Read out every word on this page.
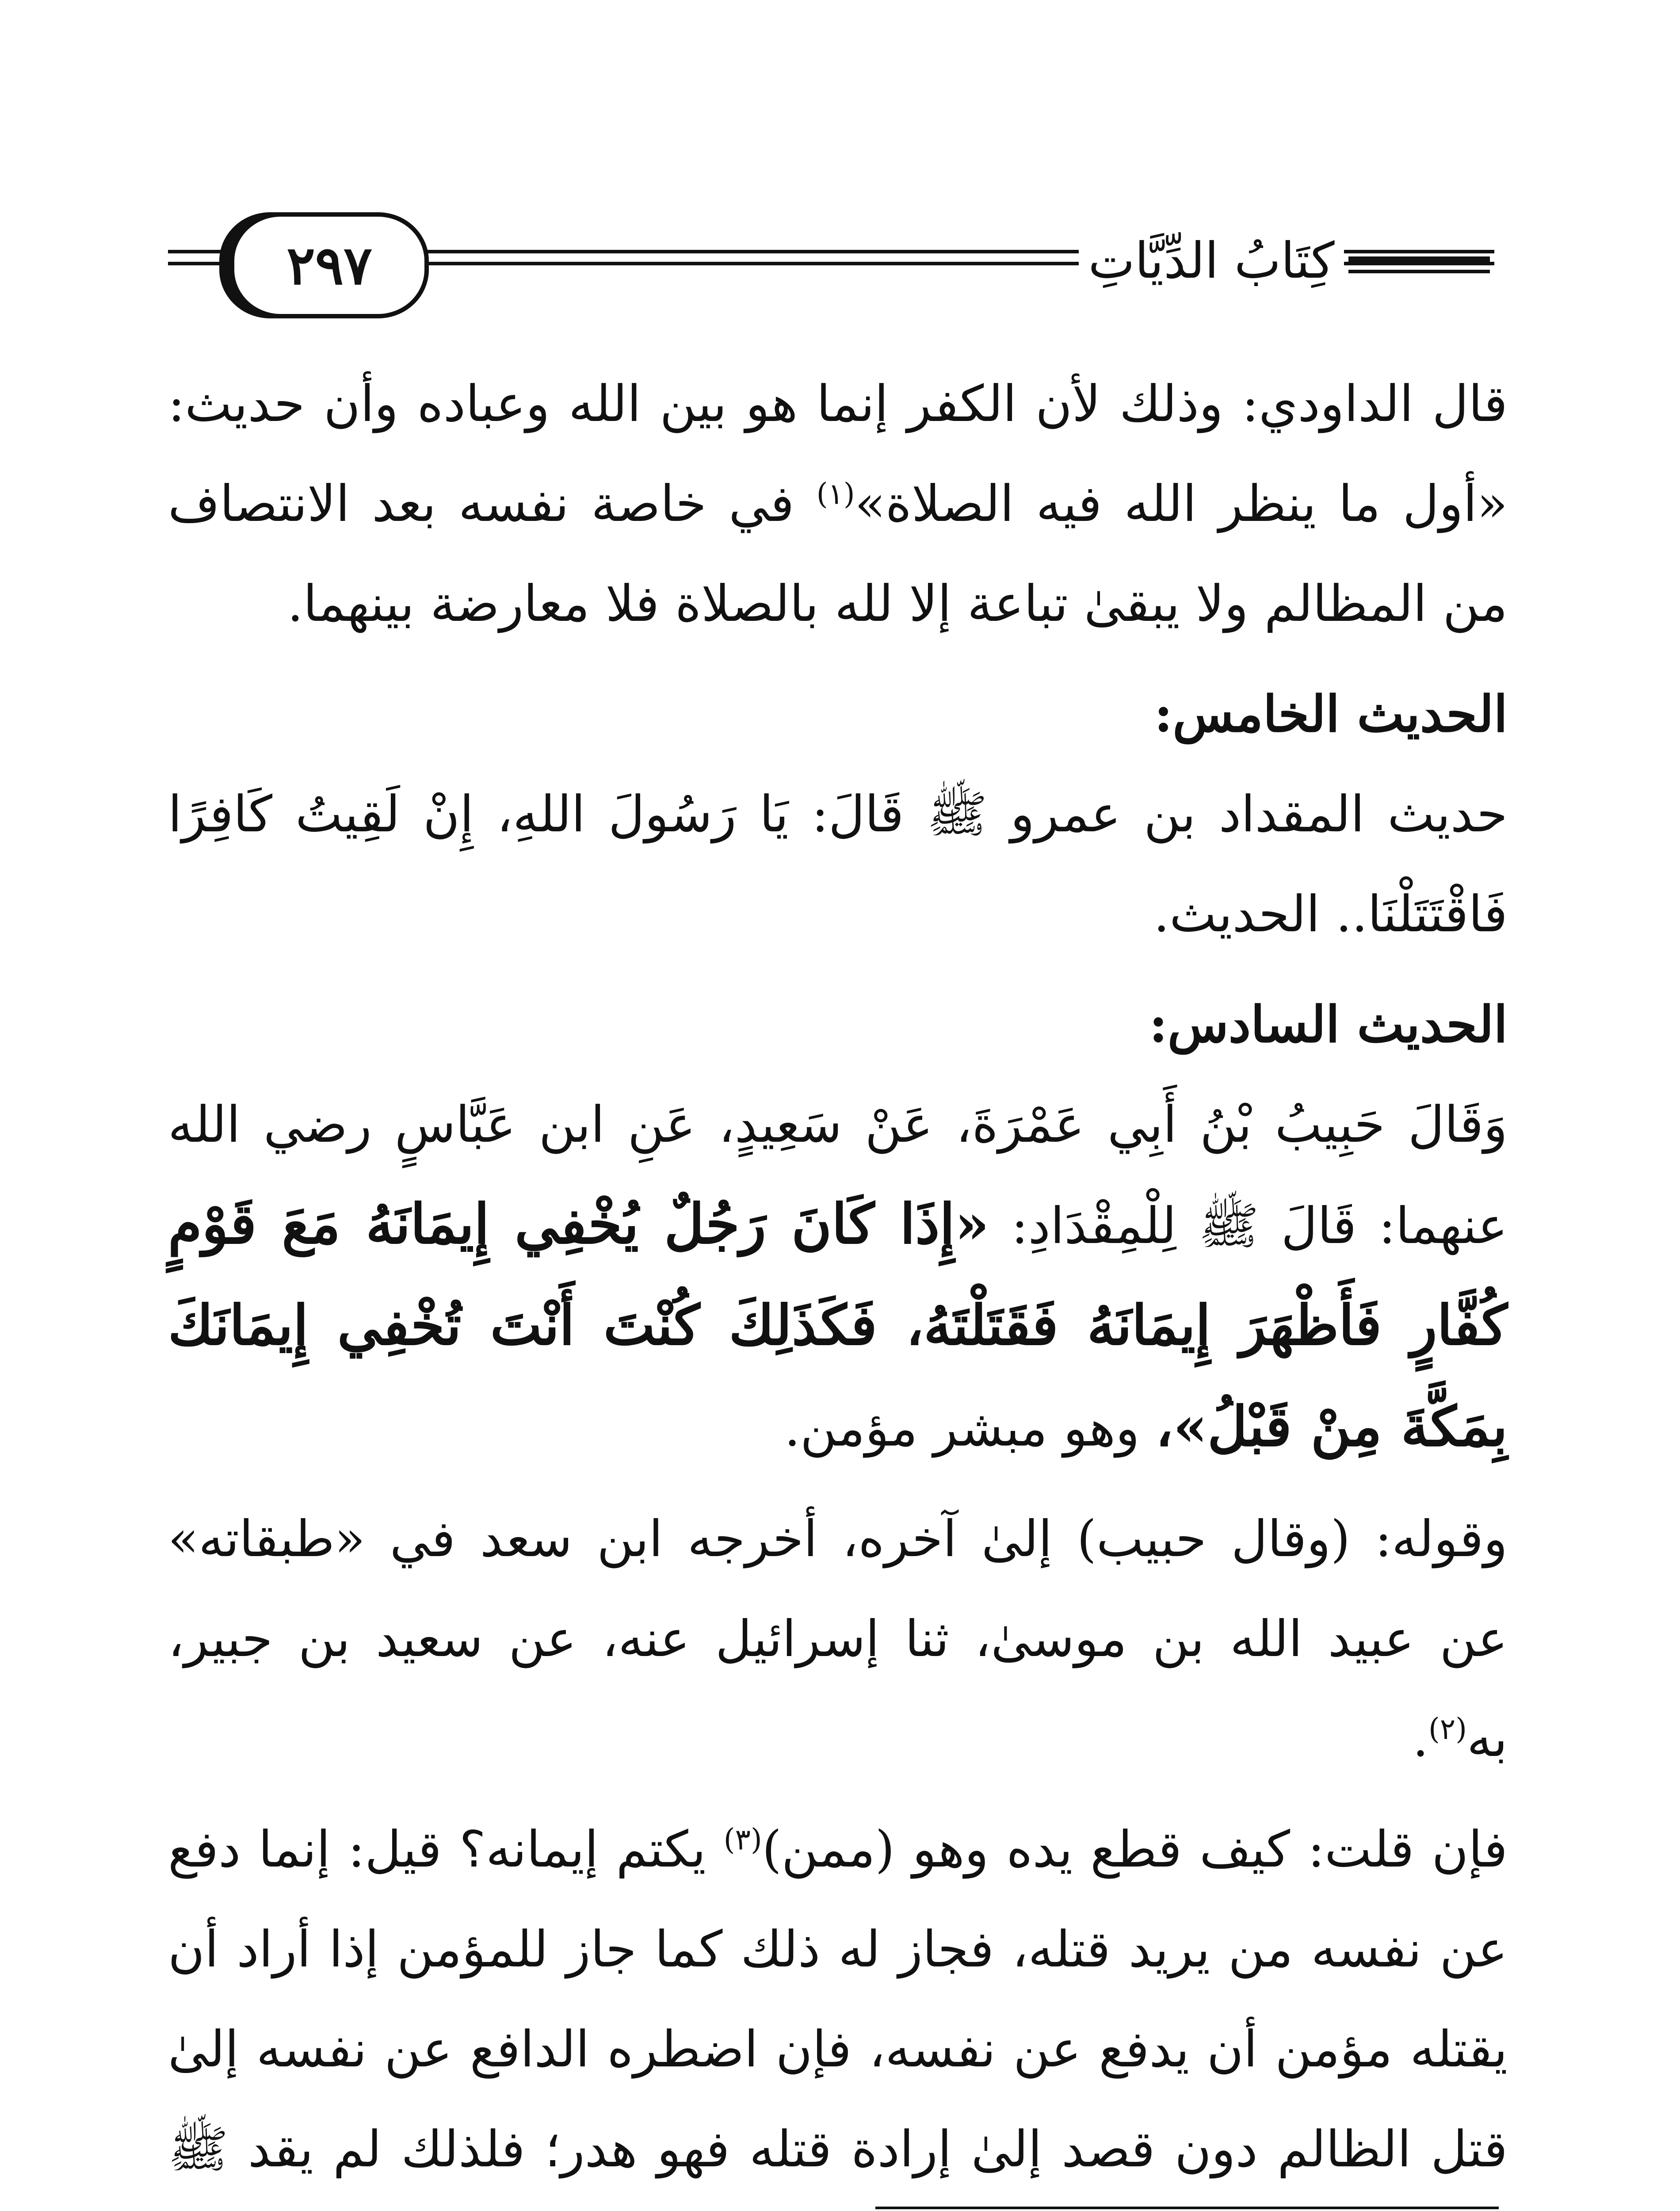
٢٩٧	كِتَابُ الدِّيَّاتِ

قال الداودي: وذلك لأن الكفر إنما هو بين الله وعباده وأن حديث: «أول ما ينظر الله فيه الصلاة»$^{(١)}$ في خاصة نفسه بعد الانتصاف من المظالم ولا يبقىٰ تباعة إلا لله بالصلاة فلا معارضة بينهما.

الحديث الخامس:

حديث المقداد بن عمرو ﷺ قَالَ: يَا رَسُولَ اللهِ، إِنْ لَقِيتُ كَافِرًا فَاقْتَتَلْنَا.. الحديث.

الحديث السادس:

وَقَالَ حَبِيبُ بْنُ أَبِي عَمْرَةَ، عَنْ سَعِيدٍ، عَنِ ابن عَبَّاسٍ رضي الله عنهما: قَالَ ﷺ لِلْمِقْدَادِ: «إِذَا كَانَ رَجُلٌ يُخْفِي إِيمَانَهُ مَعَ قَوْمٍ كُفَّارٍ فَأَظْهَرَ إِيمَانَهُ فَقَتَلْتَهُ، فَكَذَلِكَ كُنْتَ أَنْتَ تُخْفِي إِيمَانَكَ بِمَكَّةَ مِنْ قَبْلُ»، وهو مبشر مؤمن.

وقوله: (وقال حبيب) إلىٰ آخره، أخرجه ابن سعد في «طبقاته» عن عبيد الله بن موسىٰ، ثنا إسرائيل عنه، عن سعيد بن جبير، به$^{(٢)}$.

فإن قلت: كيف قطع يده وهو (ممن)$^{(٣)}$ يكتم إيمانه؟ قيل: إنما دفع عن نفسه من يريد قتله، فجاز له ذلك كما جاز للمؤمن إذا أراد أن يقتله مؤمن أن يدفع عن نفسه، فإن اضطره الدافع عن نفسه إلىٰ قتل الظالم دون قصد إلىٰ إرادة قتله فهو هدر؛ فلذلك لم يقد ﷺ
